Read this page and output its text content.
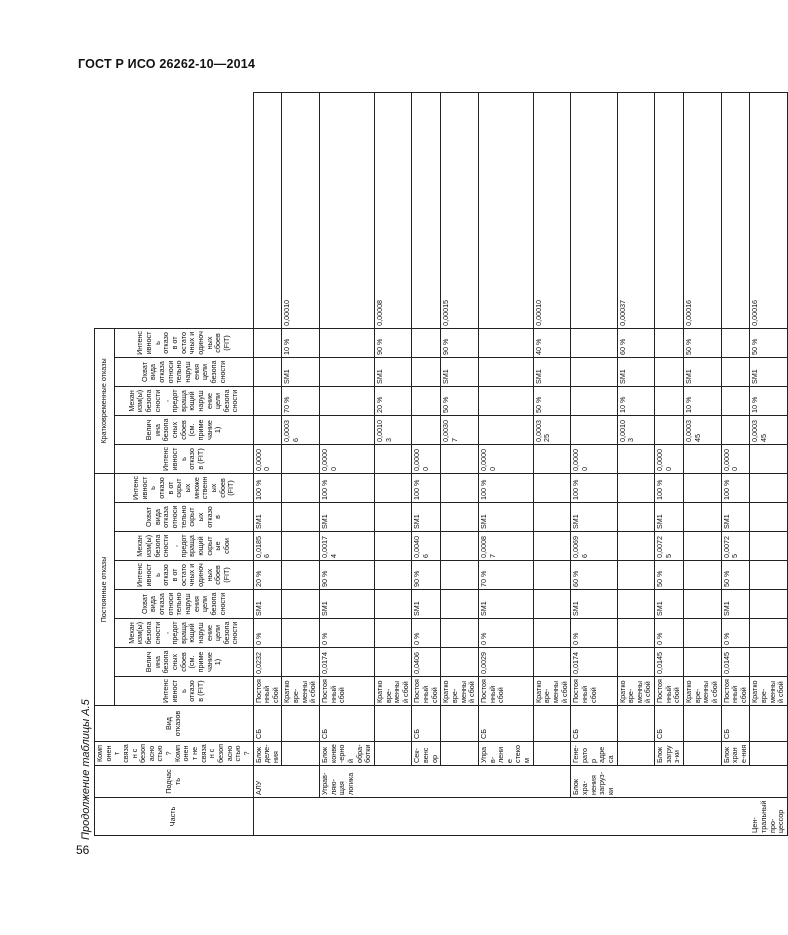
ГОСТ Р ИСО 26262-10—2014
56
Продолжение таблицы А.5	Часть	Подчасть	Компонент связан с безопасностью? Компонент не связан с безопасностью?	Вид отказов	Постоянные отказы								Кратковременные отказы					
				Интенсивность отказов (FIT)	Величина безопасных сбоев (см. примечание 1)	Механизм(ы) безопасности, предотвращающий нарушение цели безопасности	Охват вида отказа относительно нарушения цели безопасности	Интенсивность отказов от остаточных и одиночных сбоев (FIT)	Механизм(ы) безопасности, предотвращающий скрытые сбои	Охват вида отказа относительно скрытых отказов	Интенсивность отказов от скрытых множественных сбоев (FIT)	Интенсивность отказов (FIT)	Величина безопасных сбоев (см. примечание 1)	Механизм(ы) безопасности, предотвращающий нарушение цели безопасности	Охват вида отказа относительно нарушения цели безопасности	Интенсивность отказов от остаточных и одиночных сбоев (FIT)	
Цен-тральный про-цессор	АЛУ	Блок деле-ния	СБ	Постоянный сбой	0,0232	0 %	SM1	20 %	0,01856	SM1	100 %	0,00000					
				Кратковре-менный сбой									0,00036	70 %	SM1	10 %	0,00010
	Управ-ляю-щая логика	Блок конве-ерной обра-ботки	СБ	Постоянный сбой	0,0174	0 %	SM1	90 %	0,00174	SM1	100 %	0,00000					
				Кратковре-менный сбой									0,00103	20 %	SM1	90 %	0,00008
		Сек-венсор	СБ	Постоянный сбой	0,0406	0 %	SM1	90 %	0,00406	SM1	100 %	0,00000					
				Кратковре-менный сбой									0,00307	50 %	SM1	90 %	0,00015
		Управ-ление стеком	СБ	Постоянный сбой	0,0029	0 %	SM1	70 %	0,00087	SM1	100 %	0,00000					
				Кратковре-менный сбой									0,000325	50 %	SM1	40 %	0,00010
	Блок хра-нения загруз-ки	Гене-ратор адреса	СБ	Постоянный сбой	0,0174	0 %	SM1	60 %	0,00696	SM1	100 %	0,00000					
				Кратковре-менный сбой									0,00103	10 %	SM1	60 %	0,00037
		Блок загруз-ки	СБ	Постоянный сбой	0,0145	0 %	SM1	50 %	0,00725	SM1	100 %	0,00000					
				Кратковре-менный сбой									0,000345	10 %	SM1	50 %	0,00016
		Блок хране-ния	СБ	Постоянный сбой	0,0145	0 %	SM1	50 %	0,00725	SM1	100 %	0,00000					
				Кратковре-менный сбой									0,000345	10 %	SM1	50 %	0,00016
